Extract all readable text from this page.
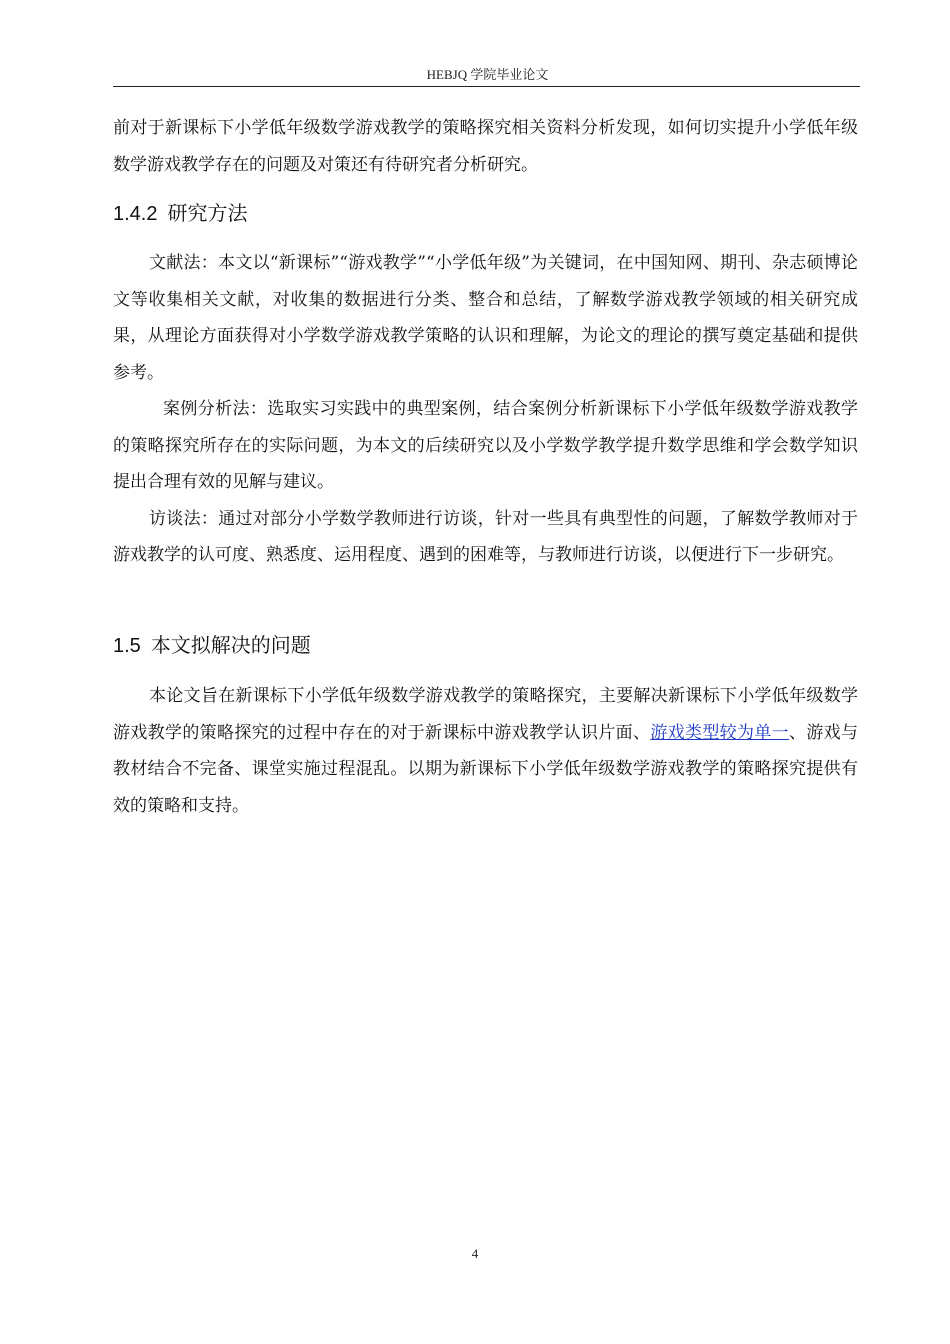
HEBJQ 学院毕业论文

前对于新课标下小学低年级数学游戏教学的策略探究相关资料分析发现，如何切实提升小学低年级数学游戏教学存在的问题及对策还有待研究者分析研究。

1.4.2 研究方法

文献法：本文以“新课标”“游戏教学”“小学低年级”为关键词，在中国知网、期刊、杂志硕博论文等收集相关文献，对收集的数据进行分类、整合和总结，了解数学游戏教学领域的相关研究成果，从理论方面获得对小学数学游戏教学策略的认识和理解，为论文的理论的撰写奠定基础和提供参考。

案例分析法：选取实习实践中的典型案例，结合案例分析新课标下小学低年级数学游戏教学的策略探究所存在的实际问题，为本文的后续研究以及小学数学教学提升数学思维和学会数学知识提出合理有效的见解与建议。

访谈法：通过对部分小学数学教师进行访谈，针对一些具有典型性的问题，了解数学教师对于游戏教学的认可度、熟悉度、运用程度、遇到的困难等，与教师进行访谈，以便进行下一步研究。

1.5 本文拟解决的问题

本论文旨在新课标下小学低年级数学游戏教学的策略探究，主要解决新课标下小学低年级数学游戏教学的策略探究的过程中存在的对于新课标中游戏教学认识片面、游戏类型较为单一、游戏与教材结合不完备、课堂实施过程混乱。以期为新课标下小学低年级数学游戏教学的策略探究提供有效的策略和支持。

4
